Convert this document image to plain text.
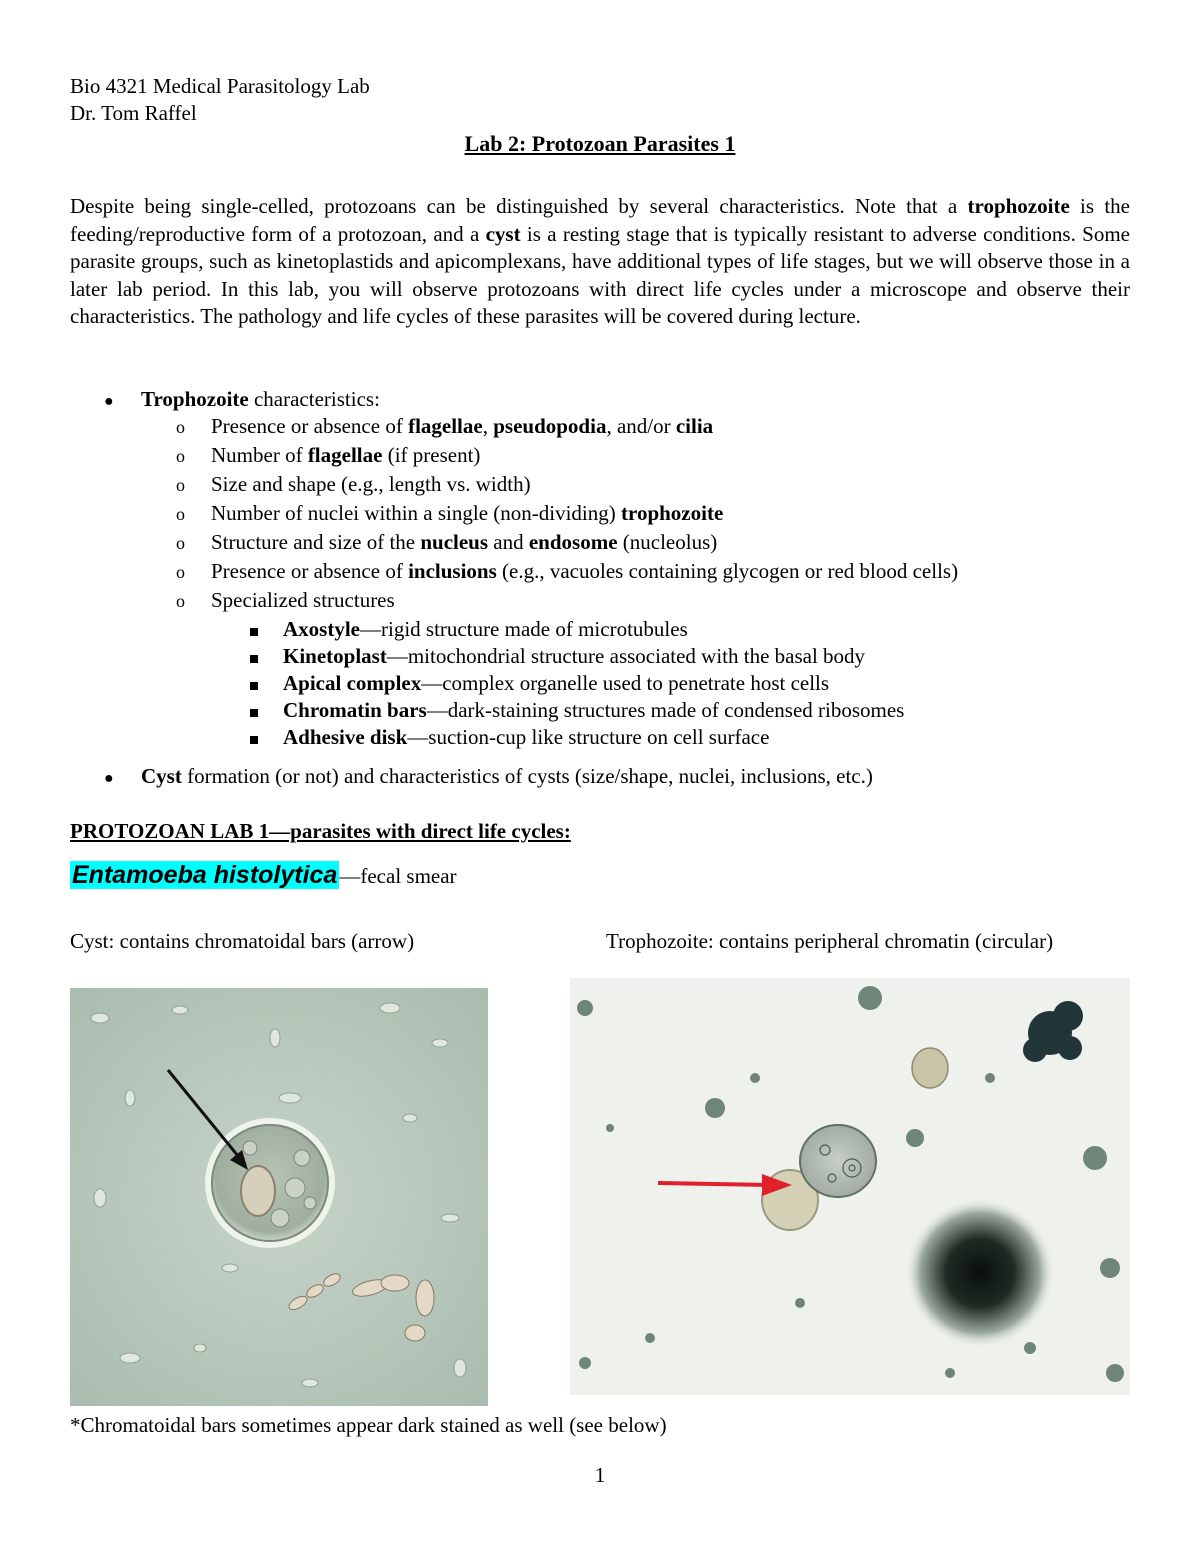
Bio 4321 Medical Parasitology Lab
Dr. Tom Raffel
Lab 2: Protozoan Parasites 1

Despite being single-celled, protozoans can be distinguished by several characteristics. Note that a trophozoite is the feeding/reproductive form of a protozoan, and a cyst is a resting stage that is typically resistant to adverse conditions. Some parasite groups, such as kinetoplastids and apicomplexans, have additional types of life stages, but we will observe those in a later lab period. In this lab, you will observe protozoans with direct life cycles under a microscope and observe their characteristics. The pathology and life cycles of these parasites will be covered during lecture.

● Trophozoite characteristics:
o
o
o
o
o
o
o
Presence or absence of flagellae, pseudopodia, and/or cilia
Number of flagellae (if present)
Size and shape (e.g., length vs. width)
Number of nuclei within a single (non-dividing) trophozoite
Structure and size of the nucleus and endosome (nucleolus)
Presence or absence of inclusions (e.g., vacuoles containing glycogen or red blood cells)
Specialized structures
Axostyle—rigid structure made of microtubules
Kinetoplast—mitochondrial structure associated with the basal body
Apical complex—complex organelle used to penetrate host cells
Chromatin bars—dark-staining structures made of condensed ribosomes
Adhesive disk—suction-cup like structure on cell surface
● Cyst formation (or not) and characteristics of cysts (size/shape, nuclei, inclusions, etc.)
PROTOZOAN LAB 1—parasites with direct life cycles:
Entamoeba histolytica—fecal smear
Cyst: contains chromatoidal bars (arrow)	Trophozoite: contains peripheral chromatin (circular)
*Chromatoidal bars sometimes appear dark stained as well (see below)
1
